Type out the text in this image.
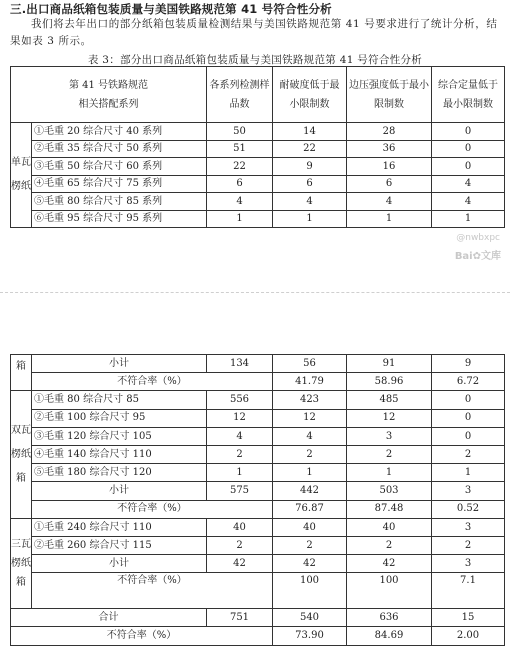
三.出口商品纸箱包装质量与美国铁路规范第 41 号符合性分析
我们将去年出口的部分纸箱包装质量检测结果与美国铁路规范第 41 号要求进行了统计分析，结果如表 3 所示。
表 3：部分出口商品纸箱包装质量与美国铁路规范第 41 号符合性分析
第 41 号铁路规范
相关搭配系列		各系列检测样品数	耐破度低于最小限制数	边压强度低于最小限制数	综合定量低于最小限制数
单瓦楞纸	①毛重 20 综合尺寸 40 系列	50	14	28	0
	②毛重 35 综合尺寸 50 系列	51	22	36	0
	③毛重 50 综合尺寸 60 系列	22	9	16	0
	④毛重 65 综合尺寸 75 系列	6	6	6	4
	⑤毛重 80 综合尺寸 85 系列	4	4	4	4
	⑥毛重 95 综合尺寸 95 系列	1	1	1	1
@nwbxpc
Bai✿文库
箱	小计	134	56	91	9
	不符合率（%）		41.79	58.96	6.72
双瓦楞纸箱	①毛重 80 综合尺寸 85	556	423	485	0
	②毛重 100 综合尺寸 95	12	12	12	0
	③毛重 120 综合尺寸 105	4	4	3	0
	④毛重 140 综合尺寸 110	2	2	2	2
	⑤毛重 180 综合尺寸 120	1	1	1	1
	小计	575	442	503	3
	不符合率（%）		76.87	87.48	0.52
三瓦楞纸箱	①毛重 240 综合尺寸 110	40	40	40	3
	②毛重 260 综合尺寸 115	2	2	2	2
	小计	42	42	42	3
	不符合率（%）		100	100	7.1
合计		751	540	636	15
不符合率（%）			73.90	84.69	2.00
